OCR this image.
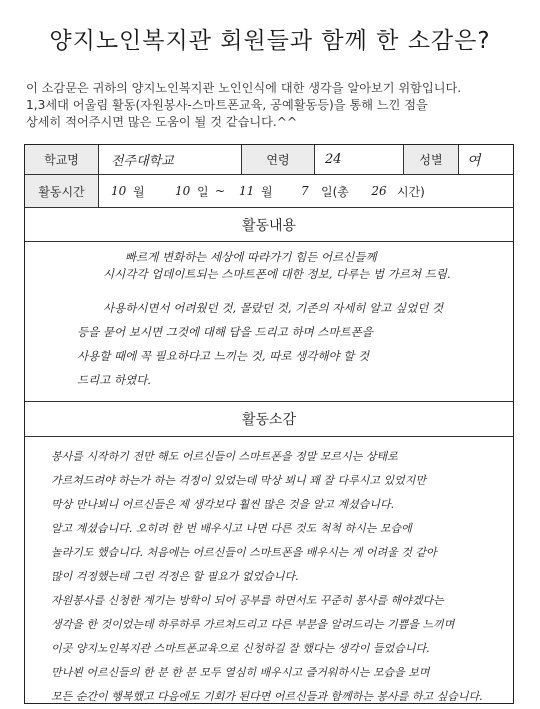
양지노인복지관 회원들과 함께 한 소감은?
이 소감문은 귀하의 양지노인복지관 노인인식에 대한 생각을 알아보기 위함입니다.
1,3세대 어울림 활동(자원봉사-스마트폰교육, 공예활동등)을 통해 느낀 점을
상세히 적어주시면 많은 도움이 될 것 같습니다.^^
학교명	전주대학교	연령	24	성별	여
활동시간	10 월	10 일 ~	11 월	7	일(총	26 시간)
활동내용

빠르게 변화하는 세상에 따라가기 힘든 어르신들께

시시각각 업데이트되는 스마트폰에 대한 정보, 다루는 법 가르쳐 드림.

사용하시면서 어려웠던 것, 몰랐던 것, 기존의 자세히 알고 싶었던 것

등을 묻어 보시면 그것에 대해 답을 드리고 하며 스마트폰을

사용할 때에 꼭 필요하다고 느끼는 것, 따로 생각해야 할 것

드리고 하였다.

활동소감

봉사를 시작하기 전만 해도 어르신들이 스마트폰을 정말 모르시는 상태로

가르쳐드려야 하는가 하는 걱정이 있었는데 막상 뵈니 꽤 잘 다루시고 있었지만

막상 만나뵈니 어르신들은 제 생각보다 훨씬 많은 것을 알고 계셨습니다.

알고 계셨습니다. 오히려 한 번 배우시고 나면 다른 것도 척척 하시는 모습에

놀라기도 했습니다. 처음에는 어르신들이 스마트폰을 배우시는 게 어려울 것 같아

많이 걱정했는데 그런 걱정은 할 필요가 없었습니다.

자원봉사를 신청한 계기는 방학이 되어 공부를 하면서도 꾸준히 봉사를 해야겠다는

생각을 한 것이었는데 하루하루 가르쳐드리고 다른 부분을 알려드리는 기쁨을 느끼며

이곳 양지노인복지관 스마트폰교육으로 신청하길 잘 했다는 생각이 들었습니다.

만나뵌 어르신들의 한 분 한 분 모두 열심히 배우시고 즐거워하시는 모습을 보며

모든 순간이 행복했고 다음에도 기회가 된다면 어르신들과 함께하는 봉사를 하고 싶습니다.
